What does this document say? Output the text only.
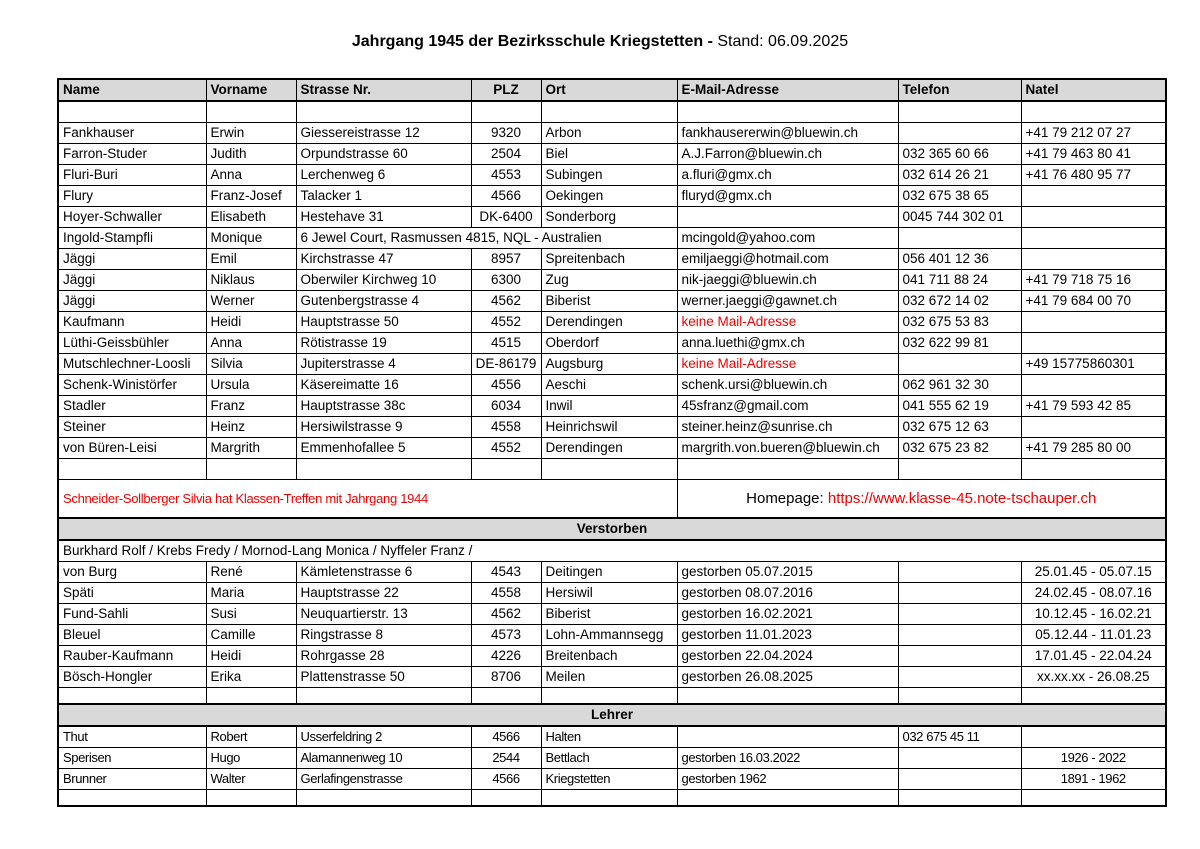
Jahrgang 1945 der Bezirksschule Kriegstetten - Stand: 06.09.2025
Name	Vorname	Strasse Nr.	PLZ	Ort	E-Mail-Adresse	Telefon	Natel

Fankhauser	Erwin	Giessereistrasse 12	9320	Arbon	fankhausererwin@bluewin.ch		+41 79 212 07 27
Farron-Studer	Judith	Orpundstrasse 60	2504	Biel	A.J.Farron@bluewin.ch	032 365 60 66	+41 79 463 80 41
Fluri-Buri	Anna	Lerchenweg 6	4553	Subingen	a.fluri@gmx.ch	032 614 26 21	+41 76 480 95 77
Flury	Franz-Josef	Talacker 1	4566	Oekingen	fluryd@gmx.ch	032 675 38 65	
Hoyer-Schwaller	Elisabeth	Hestehave 31	DK-6400	Sonderborg		0045 744 302 01	
Ingold-Stampfli	Monique	6 Jewel Court, Rasmussen 4815, NQL - Australien			mcingold@yahoo.com		
Jäggi	Emil	Kirchstrasse 47	8957	Spreitenbach	emiljaeggi@hotmail.com	056 401 12 36	
Jäggi	Niklaus	Oberwiler Kirchweg 10	6300	Zug	nik-jaeggi@bluewin.ch	041 711 88 24	+41 79 718 75 16
Jäggi	Werner	Gutenbergstrasse 4	4562	Biberist	werner.jaeggi@gawnet.ch	032 672 14 02	+41 79 684 00 70
Kaufmann	Heidi	Hauptstrasse 50	4552	Derendingen	keine Mail-Adresse	032 675 53 83	
Lüthi-Geissbühler	Anna	Rötistrasse 19	4515	Oberdorf	anna.luethi@gmx.ch	032 622 99 81	
Mutschlechner-Loosli	Silvia	Jupiterstrasse 4	DE-86179	Augsburg	keine Mail-Adresse		+49 15775860301
Schenk-Winistörfer	Ursula	Käsereimatte 16	4556	Aeschi	schenk.ursi@bluewin.ch	062 961 32 30	
Stadler	Franz	Hauptstrasse 38c	6034	Inwil	45sfranz@gmail.com	041 555 62 19	+41 79 593 42 85
Steiner	Heinz	Hersiwilstrasse 9	4558	Heinrichswil	steiner.heinz@sunrise.ch	032 675 12 63	
von Büren-Leisi	Margrith	Emmenhofallee 5	4552	Derendingen	margrith.von.bueren@bluewin.ch	032 675 23 82	+41 79 285 80 00

Schneider-Sollberger Silvia hat Klassen-Treffen mit Jahrgang 1944					Homepage: https://www.klasse-45.note-tschauper.ch		
Verstorben							
Burkhard Rolf / Krebs Fredy / Mornod-Lang Monica / Nyffeler Franz /							
von Burg	René	Kämletenstrasse 6	4543	Deitingen	gestorben 05.07.2015		25.01.45 - 05.07.15
Späti	Maria	Hauptstrasse 22	4558	Hersiwil	gestorben 08.07.2016		24.02.45 - 08.07.16
Fund-Sahli	Susi	Neuquartierstr. 13	4562	Biberist	gestorben 16.02.2021		10.12.45 - 16.02.21
Bleuel	Camille	Ringstrasse 8	4573	Lohn-Ammannsegg	gestorben 11.01.2023		05.12.44 - 11.01.23
Rauber-Kaufmann	Heidi	Rohrgasse 28	4226	Breitenbach	gestorben 22.04.2024		17.01.45 - 22.04.24
Bösch-Hongler	Erika	Plattenstrasse 50	8706	Meilen	gestorben 26.08.2025		xx.xx.xx - 26.08.25

Lehrer							
Thut	Robert	Usserfeldring 2	4566	Halten		032 675 45 11	
Sperisen	Hugo	Alamannenweg 10	2544	Bettlach	gestorben 16.03.2022		1926 - 2022
Brunner	Walter	Gerlafingenstrasse	4566	Kriegstetten	gestorben 1962		1891 - 1962
